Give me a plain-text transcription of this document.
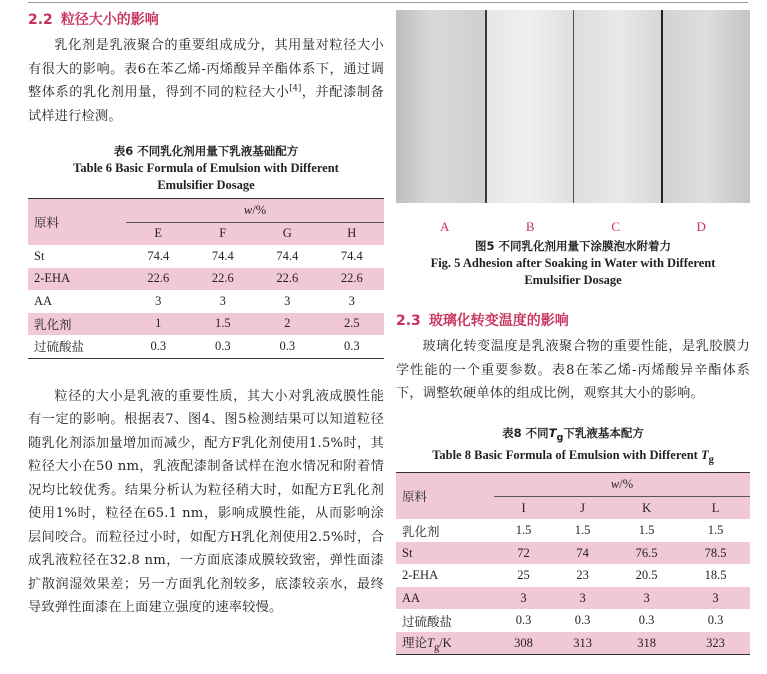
2.2 粒径大小的影响

乳化剂是乳液聚合的重要组成成分，其用量对粒径大小有很大的影响。表6在苯乙烯-丙烯酸异辛酯体系下，通过调整体系的乳化剂用量，得到不同的粒径大小[4]，并配漆制备试样进行检测。

表6 不同乳化剂用量下乳液基础配方

Table 6 Basic Formula of Emulsion with Different Emulsifier Dosage

原料	w/%			
	E	F	G	H
St	74.4	74.4	74.4	74.4
2-EHA	22.6	22.6	22.6	22.6
AA	3	3	3	3
乳化剂	1	1.5	2	2.5
过硫酸盐	0.3	0.3	0.3	0.3

粒径的大小是乳液的重要性质，其大小对乳液成膜性能有一定的影响。根据表7、图4、图5检测结果可以知道粒径随乳化剂添加量增加而减少，配方F乳化剂使用1.5%时，其粒径大小在50 nm，乳液配漆制备试样在泡水情况和附着情况均比较优秀。结果分析认为粒径稍大时，如配方E乳化剂使用1%时，粒径在65.1 nm，影响成膜性能，从而影响涂层间咬合。而粒径过小时，如配方H乳化剂使用2.5%时，合成乳液粒径在32.8 nm，一方面底漆成膜较致密，弹性面漆扩散润湿效果差；另一方面乳化剂较多，底漆较亲水，最终导致弹性面漆在上面建立强度的速率较慢。

A	B	C	D

图5 不同乳化剂用量下涂膜泡水附着力

Fig. 5 Adhesion after Soaking in Water with Different Emulsifier Dosage

2.3 玻璃化转变温度的影响

玻璃化转变温度是乳液聚合物的重要性能，是乳胶膜力学性能的一个重要参数。表8在苯乙烯-丙烯酸异辛酯体系下，调整软硬单体的组成比例，观察其大小的影响。

表8 不同$T_g$下乳液基本配方

Table 8 Basic Formula of Emulsion with Different $T_g$

原料	w/%			
	I	J	K	L
乳化剂	1.5	1.5	1.5	1.5
St	72	74	76.5	78.5
2-EHA	25	23	20.5	18.5
AA	3	3	3	3
过硫酸盐	0.3	0.3	0.3	0.3
理论$T_g/K$	308	313	318	323
